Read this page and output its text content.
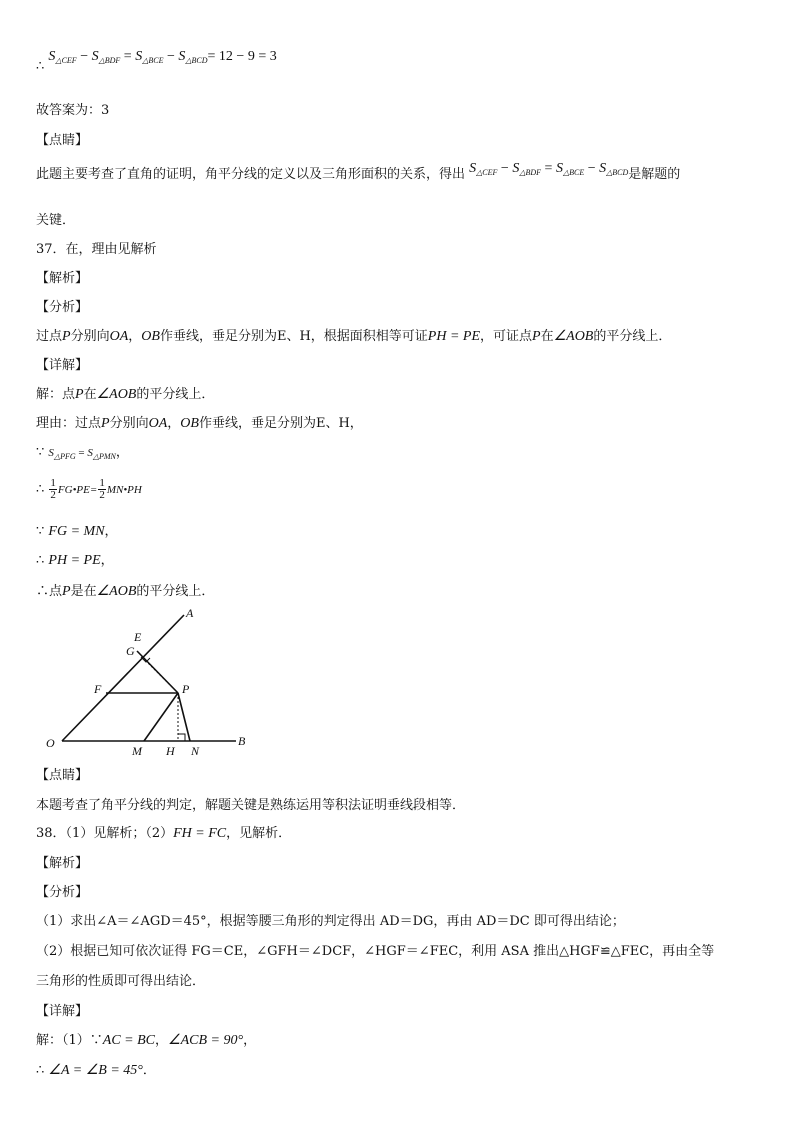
∴ $S_{\triangle CEF} - S_{\triangle BDF} = S_{\triangle BCE} - S_{\triangle BCD}= 12 - 9 = 3$
故答案为：3
【点睛】
此题主要考查了直角的证明，角平分线的定义以及三角形面积的关系，得出 $S_{\triangle CEF} - S_{\triangle BDF} = S_{\triangle BCE} - S_{\triangle BCD}$是解题的
关键．
37．在，理由见解析
【解析】
【分析】
过点P分别向OA，OB作垂线，垂足分别为E、H，根据面积相等可证PH = PE，可证点P在∠AOB的平分线上．
【详解】
解：点P在∠AOB的平分线上．
理由：过点P分别向OA，OB作垂线，垂足分别为E、H，
∵ $S_{\triangle PFG} = S_{\triangle PMN}$，
∴ $\frac{1}{2}$ FG•PE= $\frac{1}{2}$ MN•PH
∵ FG = MN，
∴ PH = PE，
∴点P是在∠AOB的平分线上．
A
E
G
F	P
O
M H N
B
【点睛】
本题考查了角平分线的判定，解题关键是熟练运用等积法证明垂线段相等．
38．（1）见解析；（2）FH = FC，见解析．
【解析】
【分析】
（1）求出∠A＝∠AGD＝45°，根据等腰三角形的判定得出 AD＝DG，再由 AD＝DC 即可得出结论；
（2）根据已知可依次证得 FG＝CE，∠GFH＝∠DCF，∠HGF＝∠FEC，利用 ASA 推出△HGF≌△FEC，再由全等
三角形的性质即可得出结论．
【详解】
解：（1）∵AC = BC，∠ACB = 90°，
∴ ∠A = ∠B = 45°．
